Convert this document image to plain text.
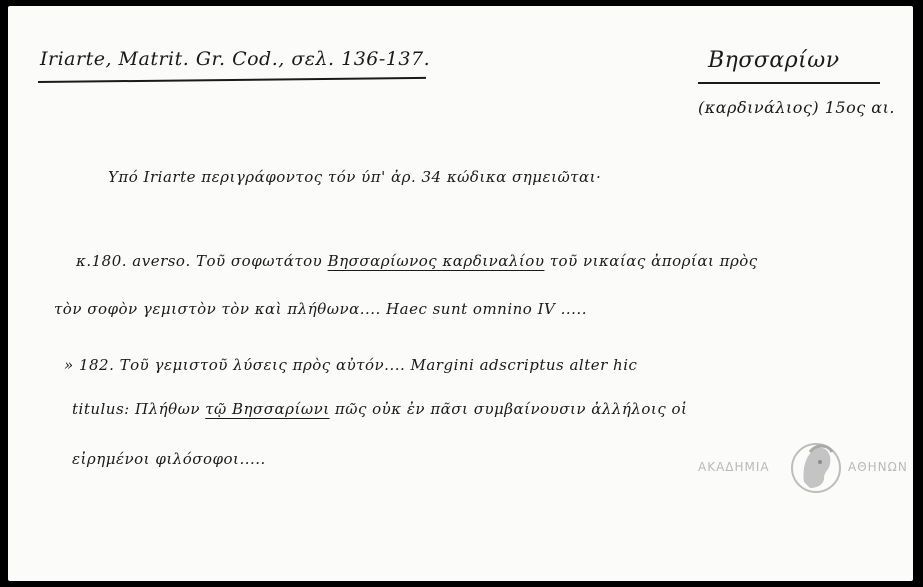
Iriarte, Matrit. Gr. Cod., σελ. 136-137.	Βησσαρίων
(καρδινάλιος) 15ος αι.
Υπό Iriarte περιγράφοντος τόν ύπ' ἀρ. 34 κώδικα σημειῶται·
κ.180. aversο. Τοῦ σοφωτάτου Βησσαρίωνος καρδιναλίου τοῦ νικαίας ἀπορίαι πρὸς
τὸν σοφὸν γεμιστὸν τὸν καὶ πλήθωνα.... Haec sunt omnino IV .....
» 182. Τοῦ γεμιστοῦ λύσεις πρὸς αὐτόν.... Margini adscriptus alter hic
titulus: Πλήθων τῷ Βησσαρίωνι πῶς οὐκ ἐν πᾶσι συμβαίνουσιν ἀλλήλοις οἱ
εἰρημένοι φιλόσοφοι.....	ΑΚΑΔΗΜΙΑ	ΑΘΗΝΩΝ
